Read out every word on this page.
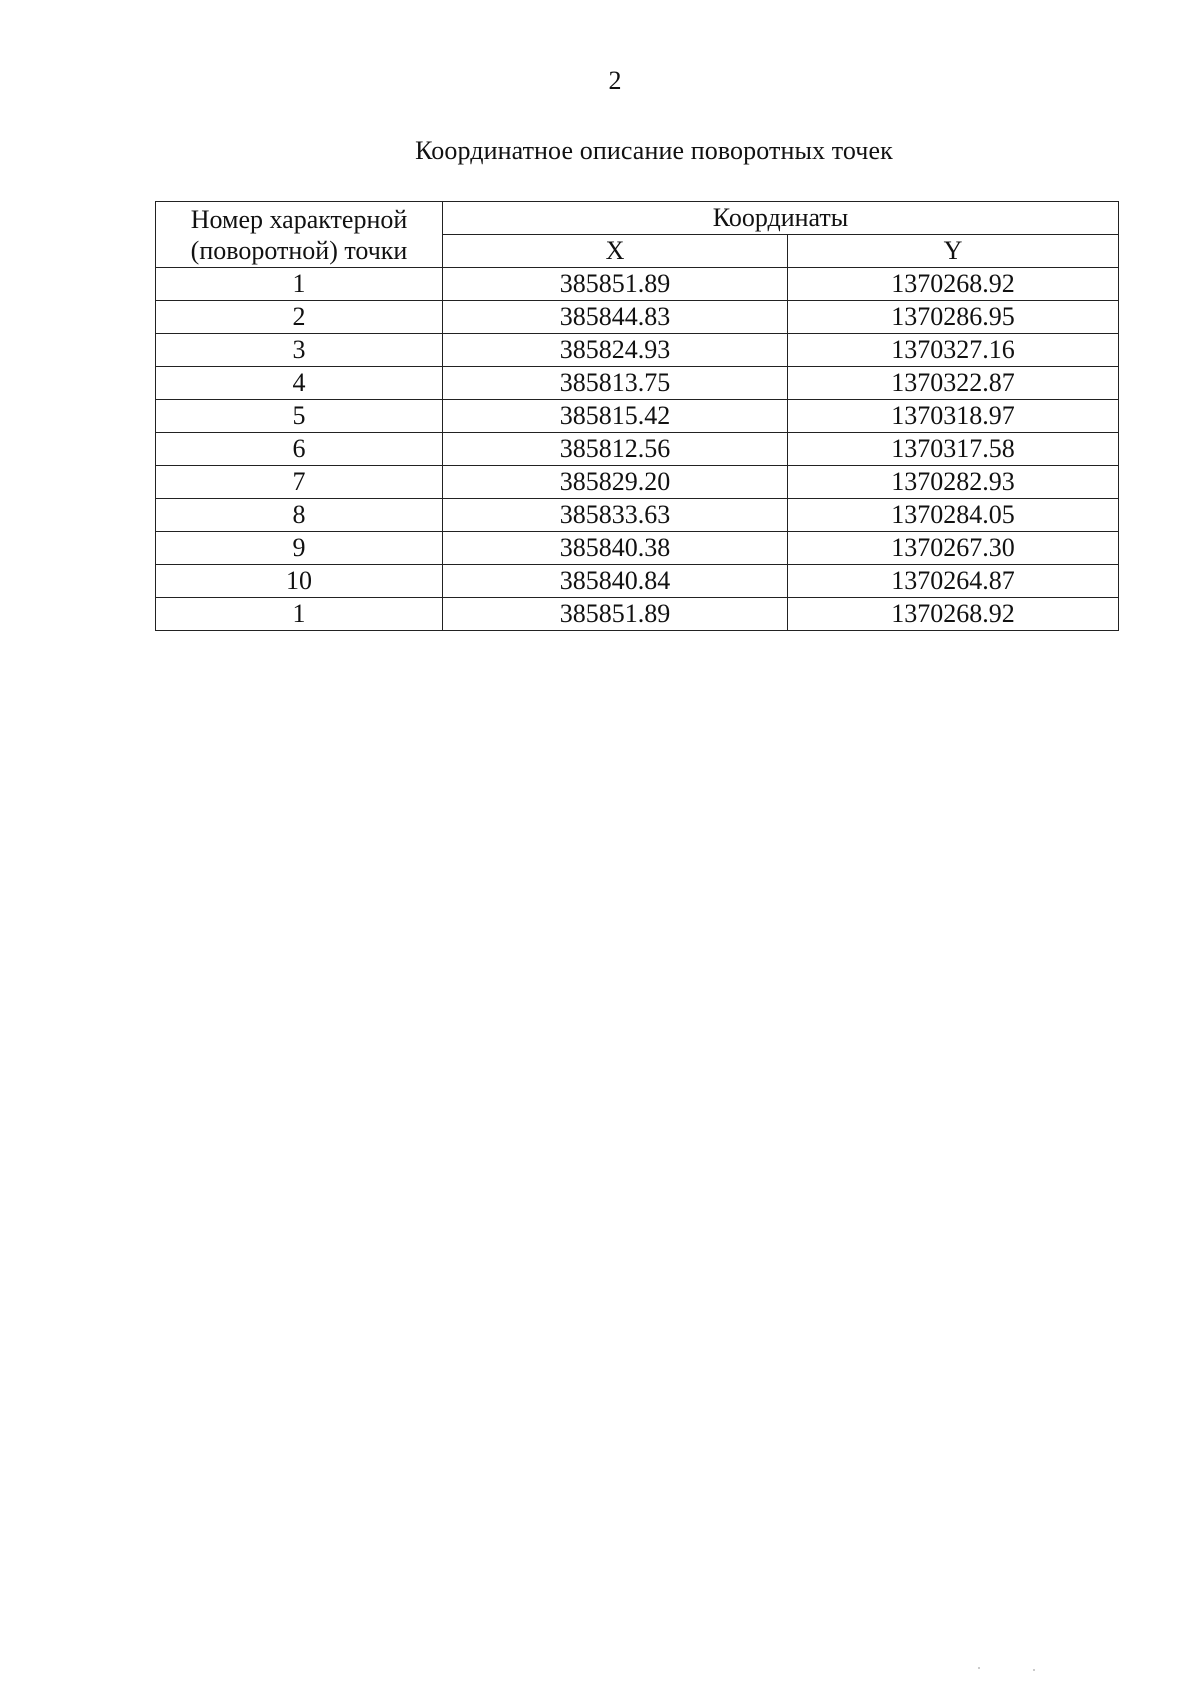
2
Координатное описание поворотных точек
Номер характерной
(поворотной) точки	Координаты	
	X	Y
1	385851.89	1370268.92
2	385844.83	1370286.95
3	385824.93	1370327.16
4	385813.75	1370322.87
5	385815.42	1370318.97
6	385812.56	1370317.58
7	385829.20	1370282.93
8	385833.63	1370284.05
9	385840.38	1370267.30
10	385840.84	1370264.87
1	385851.89	1370268.92
